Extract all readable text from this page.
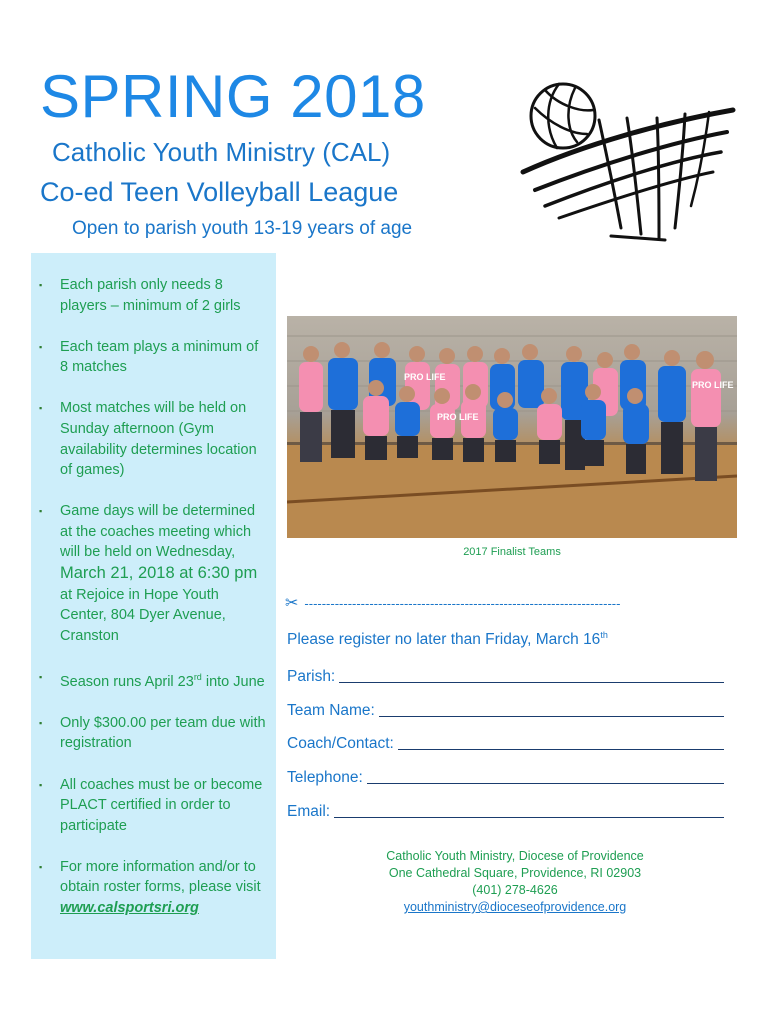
SPRING 2018
Catholic Youth Ministry (CAL)
Co-ed Teen Volleyball League
Open to parish youth 13-19 years of age
▪ Each parish only needs 8 players – minimum of 2 girls
▪ Each team plays a minimum of 8 matches
▪ Most matches will be held on Sunday afternoon (Gym availability determines location of games)
▪ Game days will be determined at the coaches meeting which will be held on Wednesday, March 21, 2018 at 6:30 pm at Rejoice in Hope Youth Center, 804 Dyer Avenue, Cranston
▪ Season runs April 23rd into June
▪ Only $300.00 per team due with registration
▪ All coaches must be or become PLACT certified in order to participate
▪ For more information and/or to obtain roster forms, please visit www.calsportsri.org
PRO LIFE
PRO LIFE
PRO LIFE
2017 Finalist Teams
✂ -------------------------------------------------------------------------
Please register no later than Friday, March 16th
Parish:
Team Name:
Coach/Contact:
Telephone:
Email:
Catholic Youth Ministry, Diocese of Providence
One Cathedral Square, Providence, RI 02903
(401) 278-4626
youthministry@dioceseofprovidence.org
